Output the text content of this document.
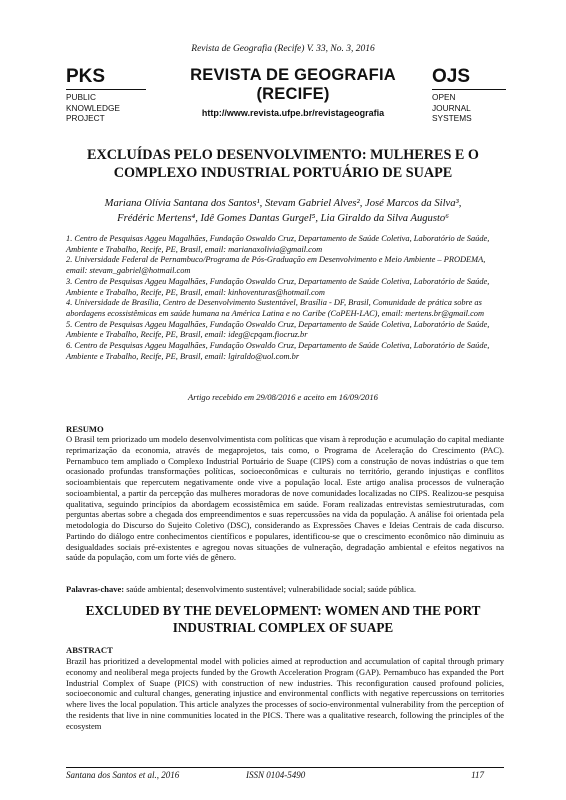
Revista de Geografia (Recife) V. 33, No. 3, 2016
PKS
PUBLIC
KNOWLEDGE
PROJECT
REVISTA DE GEOGRAFIA
(RECIFE)
http://www.revista.ufpe.br/revistageografia
OJS
OPEN
JOURNAL
SYSTEMS
EXCLUÍDAS PELO DESENVOLVIMENTO: MULHERES E O
COMPLEXO INDUSTRIAL PORTUÁRIO DE SUAPE
Mariana Olívia Santana dos Santos¹, Stevam Gabriel Alves², José Marcos da Silva³,
Frédéric Mertens⁴, Idê Gomes Dantas Gurgel⁵, Lia Giraldo da Silva Augusto⁶
1. Centro de Pesquisas Aggeu Magalhães, Fundação Oswaldo Cruz, Departamento de Saúde Coletiva, Laboratório de Saúde, Ambiente e Trabalho, Recife, PE, Brasil, email: marianaxolivia@gmail.com
2. Universidade Federal de Pernambuco/Programa de Pós-Graduação em Desenvolvimento e Meio Ambiente – PRODEMA, email: stevam_gabriel@hotmail.com
3. Centro de Pesquisas Aggeu Magalhães, Fundação Oswaldo Cruz, Departamento de Saúde Coletiva, Laboratório de Saúde, Ambiente e Trabalho, Recife, PE, Brasil, email: kinhoventuras@hotmail.com
4. Universidade de Brasília, Centro de Desenvolvimento Sustentável, Brasília - DF, Brasil, Comunidade de prática sobre as abordagens ecossistêmicas em saúde humana na América Latina e no Caribe (CoPEH-LAC), email: mertens.br@gmail.com
5. Centro de Pesquisas Aggeu Magalhães, Fundação Oswaldo Cruz, Departamento de Saúde Coletiva, Laboratório de Saúde, Ambiente e Trabalho, Recife, PE, Brasil, email: ideg@cpqam.fiocruz.br
6. Centro de Pesquisas Aggeu Magalhães, Fundação Oswaldo Cruz, Departamento de Saúde Coletiva, Laboratório de Saúde, Ambiente e Trabalho, Recife, PE, Brasil, email: lgiraldo@uol.com.br
Artigo recebido em 29/08/2016 e aceito em 16/09/2016
RESUMO
O Brasil tem priorizado um modelo desenvolvimentista com políticas que visam à reprodução e acumulação do capital mediante reprimarização da economia, através de megaprojetos, tais como, o Programa de Aceleração do Crescimento (PAC). Pernambuco tem ampliado o Complexo Industrial Portuário de Suape (CIPS) com a construção de novas indústrias o que tem ocasionado profundas transformações políticas, socioeconômicas e culturais no território, gerando injustiças e conflitos socioambientais que repercutem negativamente onde vive a população local. Este artigo analisa processos de vulneração socioambiental, a partir da percepção das mulheres moradoras de nove comunidades localizadas no CIPS. Realizou-se pesquisa qualitativa, seguindo princípios da abordagem ecossistêmica em saúde. Foram realizadas entrevistas semiestruturadas, com perguntas abertas sobre a chegada dos empreendimentos e suas repercussões na vida da população. A análise foi orientada pela metodologia do Discurso do Sujeito Coletivo (DSC), considerando as Expressões Chaves e Ideias Centrais de cada discurso. Partindo do diálogo entre conhecimentos científicos e populares, identificou-se que o crescimento econômico não diminuiu as desigualdades sociais pré-existentes e agregou novas situações de vulneração, degradação ambiental e efeitos negativos na saúde da população, com um forte viés de gênero.
Palavras-chave: saúde ambiental; desenvolvimento sustentável; vulnerabilidade social; saúde pública.
EXCLUDED BY THE DEVELOPMENT: WOMEN AND THE PORT
INDUSTRIAL COMPLEX OF SUAPE
ABSTRACT
Brazil has prioritized a developmental model with policies aimed at reproduction and accumulation of capital through primary economy and neoliberal mega projects funded by the Growth Acceleration Program (GAP). Pernambuco has expanded the Port Industrial Complex of Suape (PICS) with construction of new industries. This reconfiguration caused profound policies, socioeconomic and cultural changes, generating injustice and environmental conflicts with negative repercussions on territories where lives the local population. This article analyzes the processes of socio-environmental vulnerability from the perception of the residents that live in nine communities located in the PICS. There was a qualitative research, following the principles of the ecosystem
Santana dos Santos et al., 2016	ISSN 0104-5490	117
